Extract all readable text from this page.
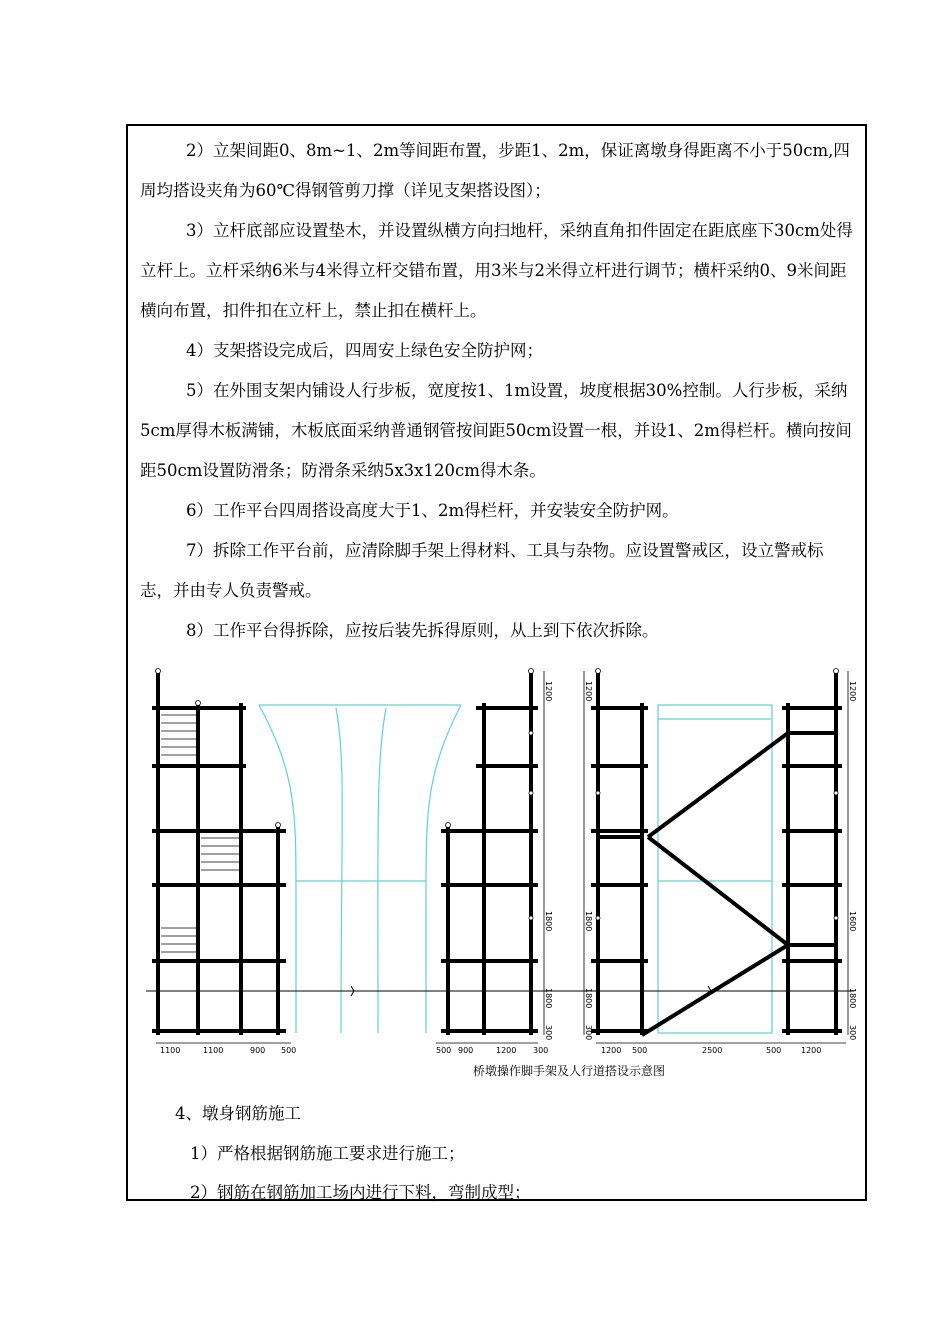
2）立架间距0、8m~1、2m等间距布置，步距1、2m，保证离墩身得距离不小于50cm,四周均搭设夹角为60℃得钢管剪刀撑（详见支架搭设图）；

3）立杆底部应设置垫木，并设置纵横方向扫地杆，采纳直角扣件固定在距底座下30cm处得立杆上。立杆采纳6米与4米得立杆交错布置，用3米与2米得立杆进行调节；横杆采纳0、9米间距横向布置，扣件扣在立杆上，禁止扣在横杆上。

4）支架搭设完成后，四周安上绿色安全防护网；

5）在外围支架内铺设人行步板，宽度按1、1m设置，坡度根据30%控制。人行步板，采纳5cm厚得木板满铺，木板底面采纳普通钢管按间距50cm设置一根，并设1、2m得栏杆。横向按间距50cm设置防滑条；防滑条采纳5x3x120cm得木条。

6）工作平台四周搭设高度大于1、2m得栏杆，并安装安全防护网。

7）拆除工作平台前，应清除脚手架上得材料、工具与杂物。应设置警戒区，设立警戒标志，并由专人负责警戒。

8）工作平台得拆除，应按后装先拆得原则，从上到下依次拆除。

1100	1100	900 500	500 900	1200 300	1200 500	2500	500 1200
1200
1800
1800
300
1200
1800
1800
300
1200
1600
1800
300
桥墩操作脚手架及人行道搭设示意图

4、墩身钢筋施工

1）严格根据钢筋施工要求进行施工；

2）钢筋在钢筋加工场内进行下料，弯制成型；
